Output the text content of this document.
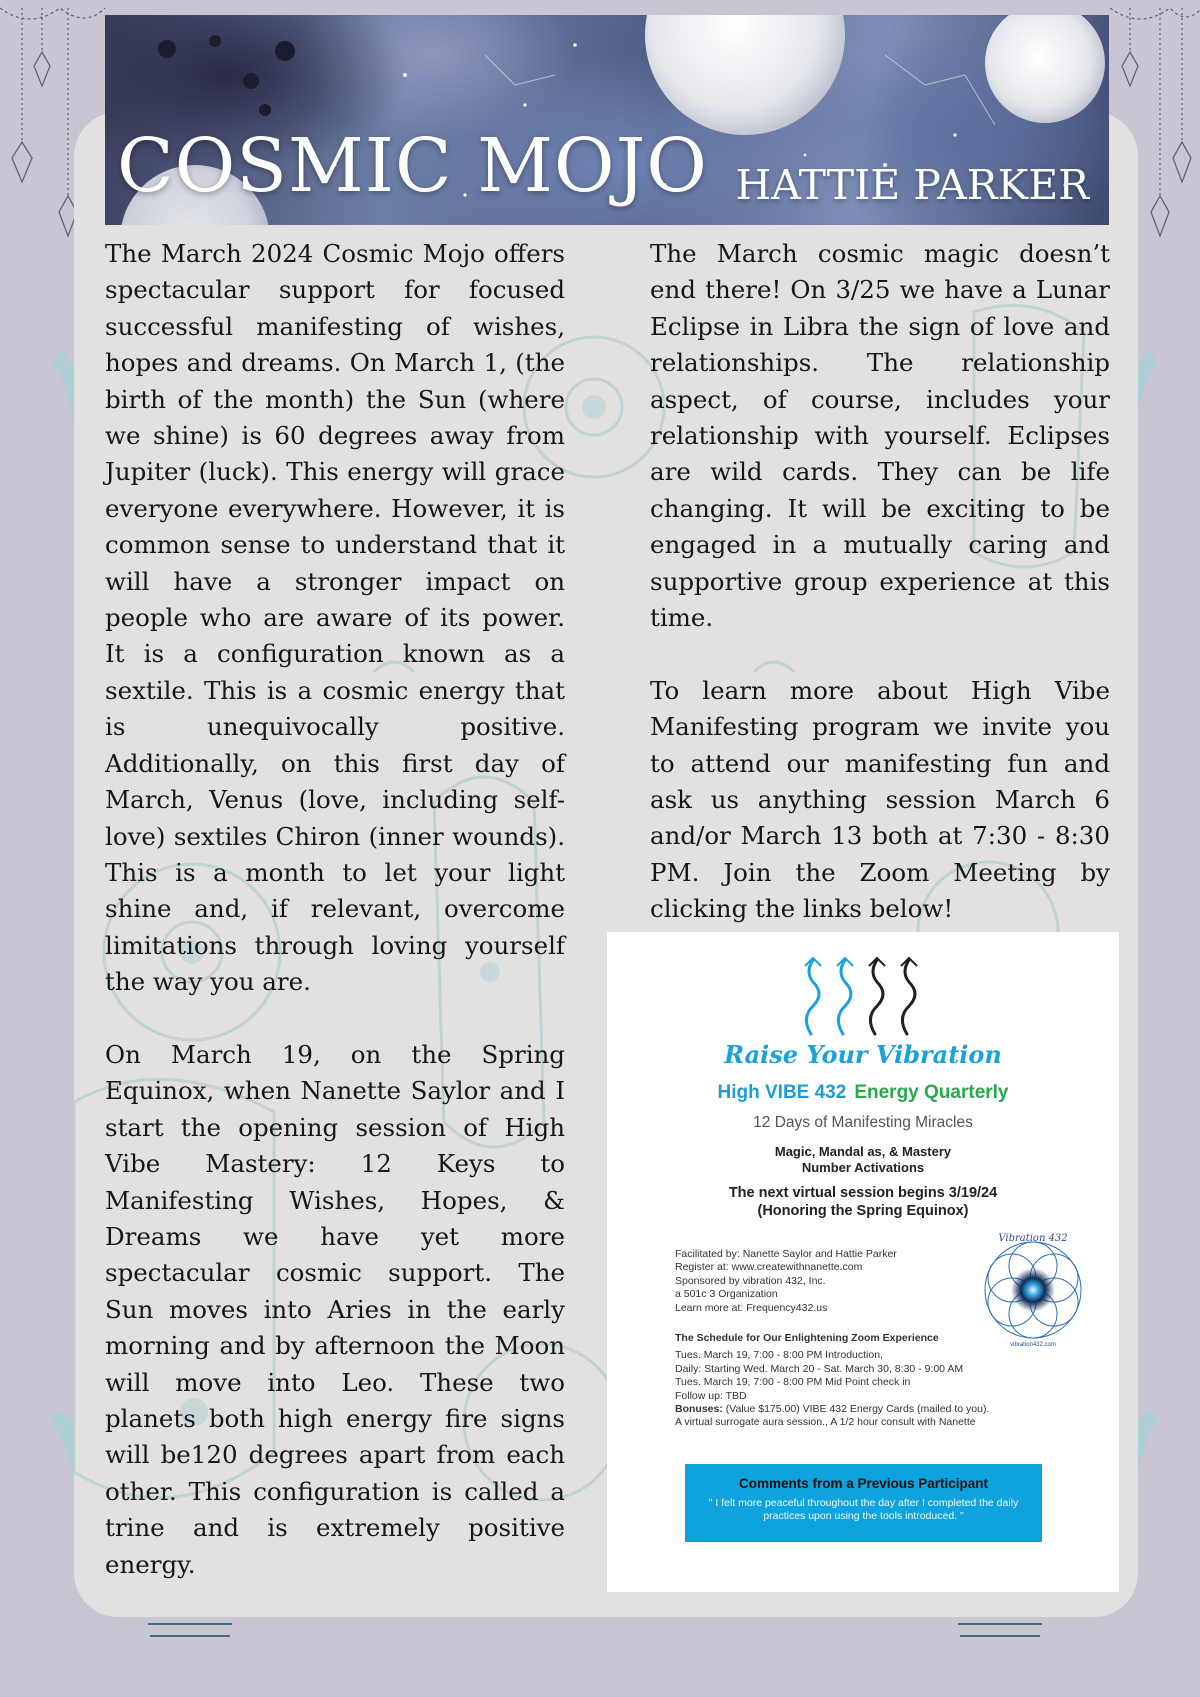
COSMIC MOJO HATTIE PARKER

The March 2024 Cosmic Mojo offers spectacular support for focused successful manifesting of wishes, hopes and dreams. On March 1, (the birth of the month) the Sun (where we shine) is 60 degrees away from Jupiter (luck). This energy will grace everyone everywhere. However, it is common sense to understand that it will have a stronger impact on people who are aware of its power. It is a configuration known as a sextile. This is a cosmic energy that is unequivocally positive. Additionally, on this first day of March, Venus (love, including self-love) sextiles Chiron (inner wounds). This is a month to let your light shine and, if relevant, overcome limitations through loving yourself the way you are.

On March 19, on the Spring Equinox, when Nanette Saylor and I start the opening session of High Vibe Mastery: 12 Keys to Manifesting Wishes, Hopes, & Dreams we have yet more spectacular cosmic support. The Sun moves into Aries in the early morning and by afternoon the Moon will move into Leo. These two planets both high energy fire signs will be120 degrees apart from each other. This configuration is called a trine and is extremely positive energy.

The March cosmic magic doesn’t end there! On 3/25 we have a Lunar Eclipse in Libra the sign of love and relationships. The relationship aspect, of course, includes your relationship with yourself. Eclipses are wild cards. They can be life changing. It will be exciting to be engaged in a mutually caring and supportive group experience at this time.

To learn more about High Vibe Manifesting program we invite you to attend our manifesting fun and ask us anything session March 6 and/or March 13 both at 7:30 - 8:30 PM. Join the Zoom Meeting by clicking the links below!

Raise Your Vibration
High VIBE 432 Energy Quarterly
12 Days of Manifesting Miracles
Magic, Mandal as, & Mastery
Number Activations
The next virtual session begins 3/19/24
(Honoring the Spring Equinox)
Facilitated by: Nanette Saylor and Hattie Parker
Register at: www.createwithnanette.com
Sponsored by vibration 432, Inc.
a 501c 3 Organization
Learn more at: Frequency432.us
Vibration 432
vibration432.com
The Schedule for Our Enlightening Zoom Experience
Tues. March 19, 7:00 - 8:00 PM Introduction,
Daily: Starting Wed. March 20 - Sat. March 30, 8:30 - 9:00 AM
Tues. March 19, 7:00 - 8:00 PM Mid Point check in
Follow up: TBD
Bonuses: (Value $175.00) VIBE 432 Energy Cards (mailed to you).
A virtual surrogate aura session., A 1/2 hour consult with Nanette
Comments from a Previous Participant
" I felt more peaceful throughout the day after I completed the daily practices upon using the tools introduced. "
